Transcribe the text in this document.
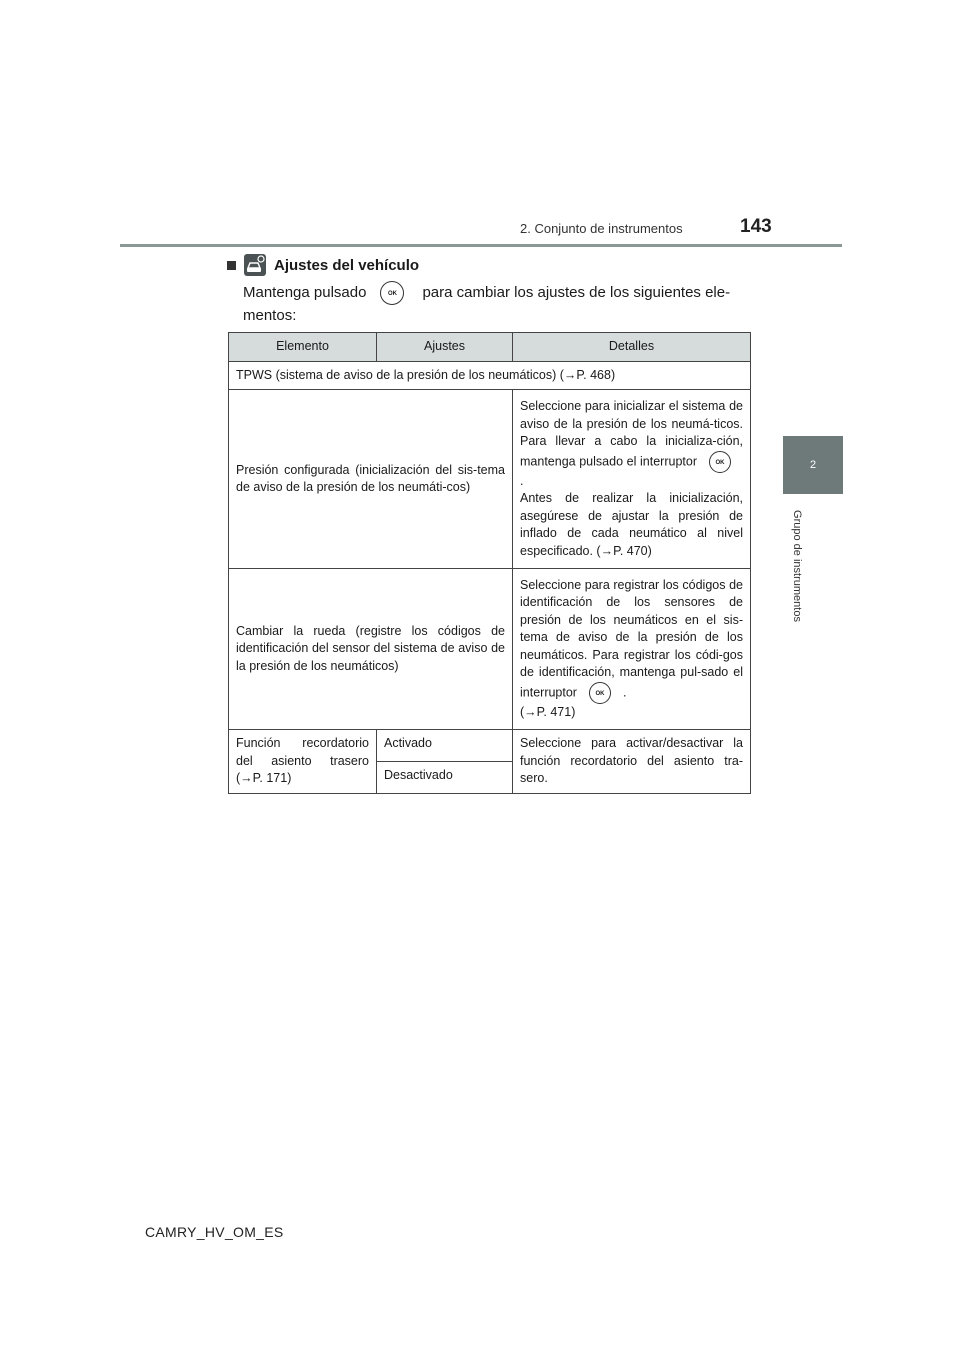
2. Conjunto de instrumentos	143
2
Grupo de instrumentos
Ajustes del vehículo
Mantenga pulsado	OK para cambiar los ajustes de los siguientes ele-mentos:
Elemento	Ajustes	Detalles
TPWS (sistema de aviso de la presión de los neumáticos) (→P. 468)		
Presión configurada (inicialización del sis-tema de aviso de la presión de los neumáti-cos)		Seleccione para inicializar el sistema de aviso de la presión de los neumá-ticos. Para llevar a cabo la inicializa-ción, mantenga pulsado el interruptor OK.
Antes de realizar la inicialización, asegúrese de ajustar la presión de inflado de cada neumático al nivel especificado. (→P. 470)
Cambiar la rueda (registre los códigos de identificación del sensor del sistema de aviso de la presión de los neumáticos)		Seleccione para registrar los códigos de identificación de los sensores de presión de los neumáticos en el sis-tema de aviso de la presión de los neumáticos. Para registrar los códi-gos de identificación, mantenga pul-sado el interruptor OK .
(→P. 471)
Función recordatorio del asiento trasero (→P. 171)	Activado	Seleccione para activar/desactivar la función recordatorio del asiento tra-sero.
	Desactivado	
CAMRY_HV_OM_ES
